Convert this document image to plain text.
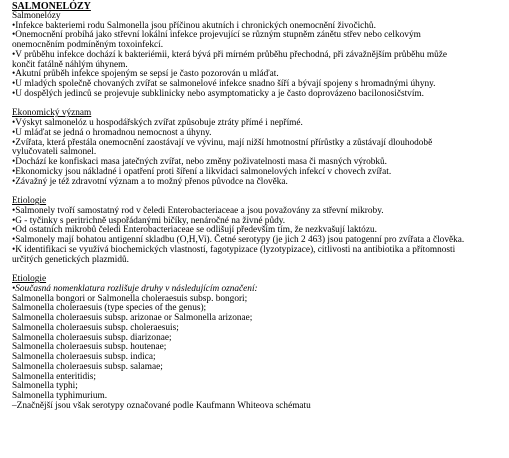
SALMONELÓZY

Salmonelózy

•Infekce bakteriemi rodu Salmonella jsou příčinou akutních i chronických onemocnění živočichů.

•Onemocnění probíhá jako střevní lokální infekce projevující se různým stupněm zánětu střev nebo celkovým

onemocněním podmíněným toxoinfekcí.

•V průběhu infekce dochází k bakteriémii, která bývá při mírném průběhu přechodná, při závažnějším průběhu může

končit fatálně náhlým úhynem.

•Akutní průběh infekce spojeným se sepsí je často pozorován u mláďat.

•U mladých společně chovaných zvířat se salmonelové infekce snadno šíří a bývají spojeny s hromadnými úhyny.

•U dospělých jedinců se projevuje subklinicky nebo asymptomaticky a je často doprovázeno bacilonosičstvím.

Ekonomický význam

•Výskyt salmonelóz u hospodářských zvířat způsobuje ztráty přímé i nepřímé.

•U mláďat se jedná o hromadnou nemocnost a úhyny.

•Zvířata, která přestála onemocnění zaostávají ve vývinu, mají nižší hmotnostní přírůstky a zůstávají dlouhodobě

vylučovateli salmonel.

•Dochází ke konfiskaci masa jatečných zvířat, nebo změny poživatelnosti masa či masných výrobků.

•Ekonomicky jsou nákladné i opatření proti šíření a likvidaci salmonelových infekcí v chovech zvířat.

•Závažný je též zdravotní význam a to možný přenos původce na člověka.

Etiologie

•Salmonely tvoří samostatný rod v čeledi Enterobacteriaceae a jsou považovány za střevní mikroby.

•G - tyčinky s peritrichně uspořádanými bičíky, nenáročné na živné půdy.

•Od ostatních mikrobů čeledi Enterobacteriaceae se odlišují především tím, že nezkvašují laktózu.

•Salmonely mají bohatou antigenní skladbu (O,H,Vi). Četné serotypy (je jich 2 463) jsou patogenní pro zvířata a člověka.

•K identifikaci se využívá biochemických vlastností, fagotypizace (lyzotypizace), citlivosti na antibiotika a přítomnosti

určitých genetických plazmidů.

Etiologie

•Současná nomenklatura rozlišuje druhy v následujícím označení:

Salmonella bongori or Salmonella choleraesuis subsp. bongori;

Salmonella choleraesuis (type species of the genus);

Salmonella choleraesuis subsp. arizonae or Salmonella arizonae;

Salmonella choleraesuis subsp. choleraesuis;

Salmonella choleraesuis subsp. diarizonae;

Salmonella choleraesuis subsp. houtenae;

Salmonella choleraesuis subsp. indica;

Salmonella choleraesuis subsp. salamae;

Salmonella enteritidis;

Salmonella typhi;

Salmonella typhimurium.

–Značnější jsou však serotypy označované podle Kaufmann Whiteova schématu
